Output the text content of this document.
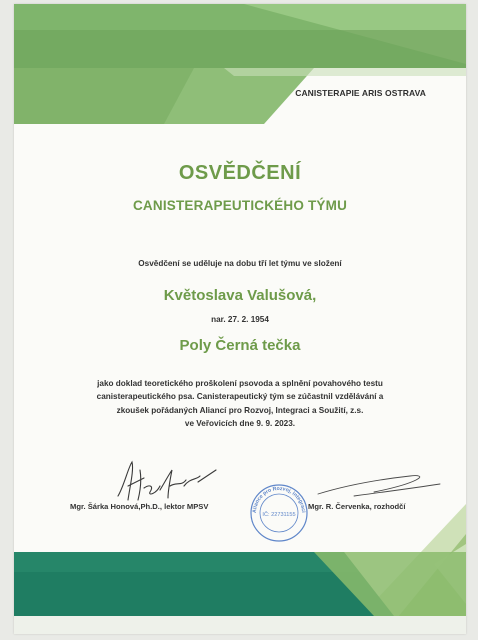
CANISTERAPIE ARIS OSTRAVA
OSVĚDČENÍ
CANISTERAPEUTICKÉHO TÝMU
Osvědčení se uděluje na dobu tří let týmu ve složení
Květoslava Valušová,
nar. 27. 2. 1954
Poly Černá tečka
jako doklad teoretického proškolení psovoda a splnění povahového testu
canisterapeutického psa. Canisterapeutický tým se zúčastnil vzdělávání a
zkoušek pořádaných Aliancí pro Rozvoj, Integraci a Soužití, z.s.
ve Veřovicích dne 9. 9. 2023.
Aliance pro Rozvoj, Integraci
IČ: 22731155
Mgr. Šárka Honová,Ph.D., lektor MPSV	Mgr. R. Červenka, rozhodčí
